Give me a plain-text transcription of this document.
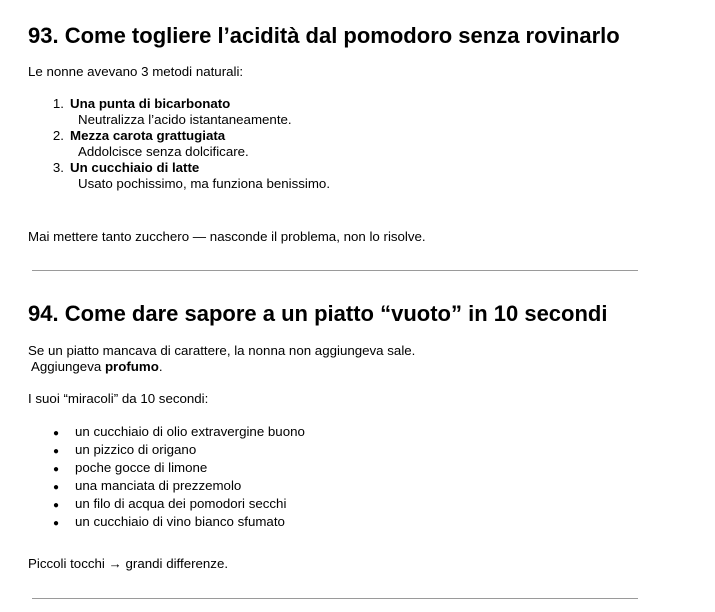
93. Come togliere l’acidità dal pomodoro senza rovinarlo
Le nonne avevano 3 metodi naturali:
1. Una punta di bicarbonato
Neutralizza l’acido istantaneamente.
2. Mezza carota grattugiata
Addolcisce senza dolcificare.
3. Un cucchiaio di latte
Usato pochissimo, ma funziona benissimo.
Mai mettere tanto zucchero — nasconde il problema, non lo risolve.
94. Come dare sapore a un piatto “vuoto” in 10 secondi
Se un piatto mancava di carattere, la nonna non aggiungeva sale.
Aggiungeva profumo.
I suoi “miracoli” da 10 secondi:
● un cucchiaio di olio extravergine buono
● un pizzico di origano
● poche gocce di limone
● una manciata di prezzemolo
● un filo di acqua dei pomodori secchi
● un cucchiaio di vino bianco sfumato
Piccoli tocchi → grandi differenze.
